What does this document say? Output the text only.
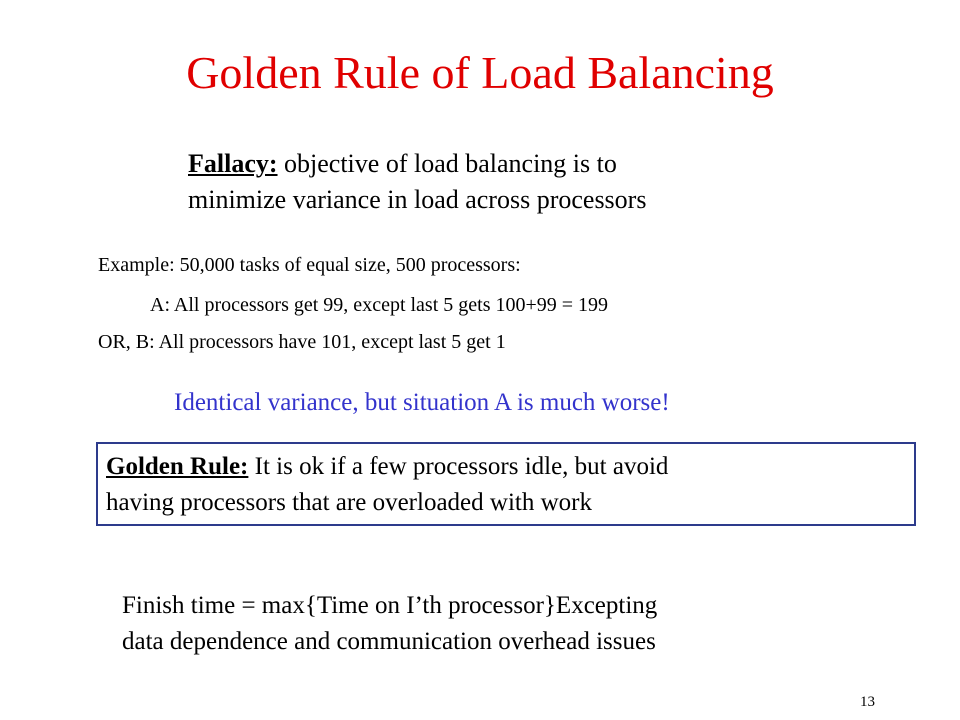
Golden Rule of Load Balancing
Fallacy: objective of load balancing is to
minimize variance in load across processors
Example: 50,000 tasks of equal size, 500 processors:
A: All processors get 99, except last 5 gets 100+99 = 199
OR, B: All processors have 101, except last 5 get 1
Identical variance, but situation A is much worse!
Golden Rule: It is ok if a few processors idle, but avoid
having processors that are overloaded with work
Finish time = max{Time on I’th processor}Excepting
data dependence and communication overhead issues
13
